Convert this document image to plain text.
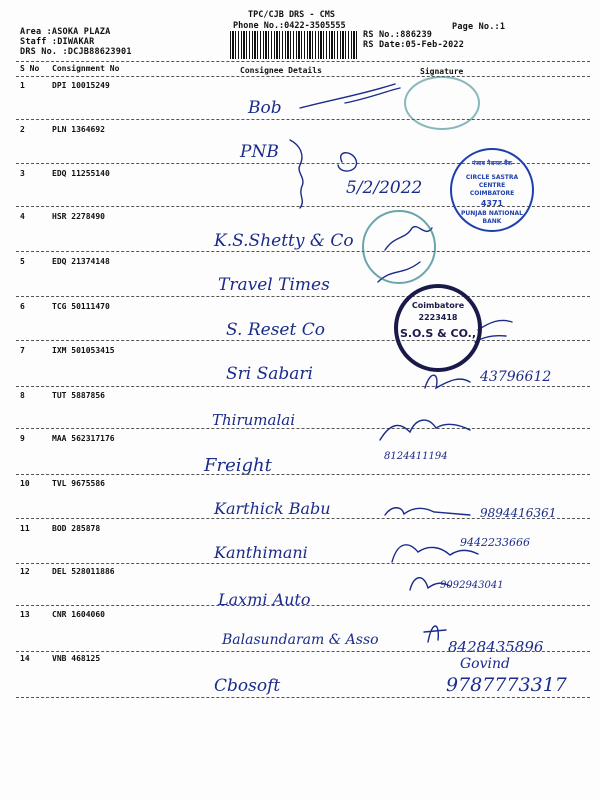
TPC/CJB DRS - CMS
Phone No.:0422-3505555	Page No.:1
Area :ASOKA PLAZA
Staff :DIWAKAR
DRS No. :DCJB88623901
RS No.:886239
RS Date:05-Feb-2022
S No Consignment No	Consignee Details	Signature
1	DPI 10015249
Bob
2	PLN 1364692
PNB
3	EDQ 11255140
5/2/2022
4	HSR 2278490
K.S.Shetty & Co
5	EDQ 21374148
Travel Times
6	TCG 50111470
S. Reset Co
7	IXM 501053415
Sri Sabari	43796612
8	TUT 5887856
Thirumalai
9	MAA 562317176
Freight	8124411194
10	TVL 9675586
Karthick Babu	9894416361
11	BOD 285878
Kanthimani
9442233666
12	DEL 528011886
Laxmi Auto
9092943041
13	CNR 1604060
Balasundaram & Asso	8428435896
14	VNB 468125
Cbosoft
Govind
9787773317
पंजाब नैशनल बैंक
CIRCLE SASTRA CENTRE
COIMBATORE
4371
PUNJAB NATIONAL BANK
Coimbatore
2223418
S.O.S & CO.,
